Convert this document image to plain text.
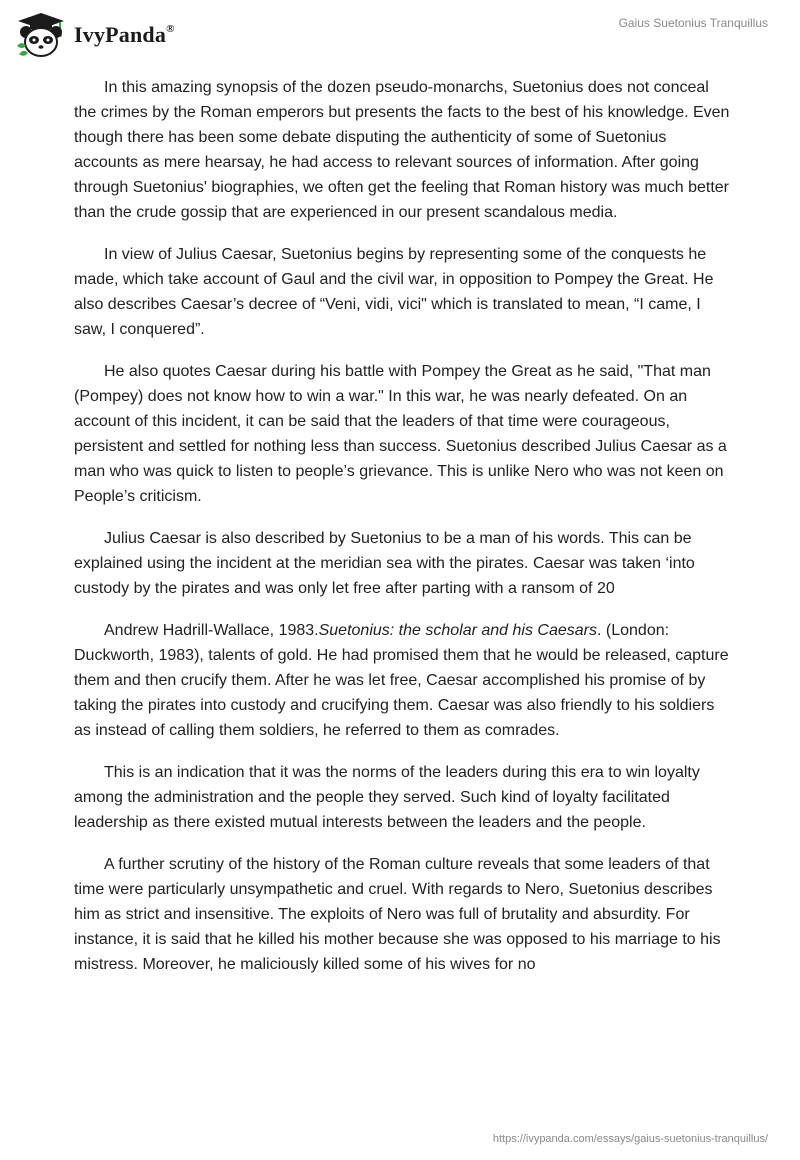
IvyPanda®	Gaius Suetonius Tranquillus

In this amazing synopsis of the dozen pseudo-monarchs, Suetonius does not conceal the crimes by the Roman emperors but presents the facts to the best of his knowledge. Even though there has been some debate disputing the authenticity of some of Suetonius accounts as mere hearsay, he had access to relevant sources of information. After going through Suetonius' biographies, we often get the feeling that Roman history was much better than the crude gossip that are experienced in our present scandalous media.

In view of Julius Caesar, Suetonius begins by representing some of the conquests he made, which take account of Gaul and the civil war, in opposition to Pompey the Great. He also describes Caesar’s decree of “Veni, vidi, vici" which is translated to mean, “I came, I saw, I conquered”.

He also quotes Caesar during his battle with Pompey the Great as he said, "That man (Pompey) does not know how to win a war." In this war, he was nearly defeated. On an account of this incident, it can be said that the leaders of that time were courageous, persistent and settled for nothing less than success. Suetonius described Julius Caesar as a man who was quick to listen to people’s grievance. This is unlike Nero who was not keen on People’s criticism.

Julius Caesar is also described by Suetonius to be a man of his words. This can be explained using the incident at the meridian sea with the pirates. Caesar was taken ‘into custody by the pirates and was only let free after parting with a ransom of 20

Andrew Hadrill-Wallace, 1983.Suetonius: the scholar and his Caesars. (London: Duckworth, 1983), talents of gold. He had promised them that he would be released, capture them and then crucify them. After he was let free, Caesar accomplished his promise of by taking the pirates into custody and crucifying them. Caesar was also friendly to his soldiers as instead of calling them soldiers, he referred to them as comrades.

This is an indication that it was the norms of the leaders during this era to win loyalty among the administration and the people they served. Such kind of loyalty facilitated leadership as there existed mutual interests between the leaders and the people.

A further scrutiny of the history of the Roman culture reveals that some leaders of that time were particularly unsympathetic and cruel. With regards to Nero, Suetonius describes him as strict and insensitive. The exploits of Nero was full of brutality and absurdity. For instance, it is said that he killed his mother because she was opposed to his marriage to his mistress. Moreover, he maliciously killed some of his wives for no

https://ivypanda.com/essays/gaius-suetonius-tranquillus/
